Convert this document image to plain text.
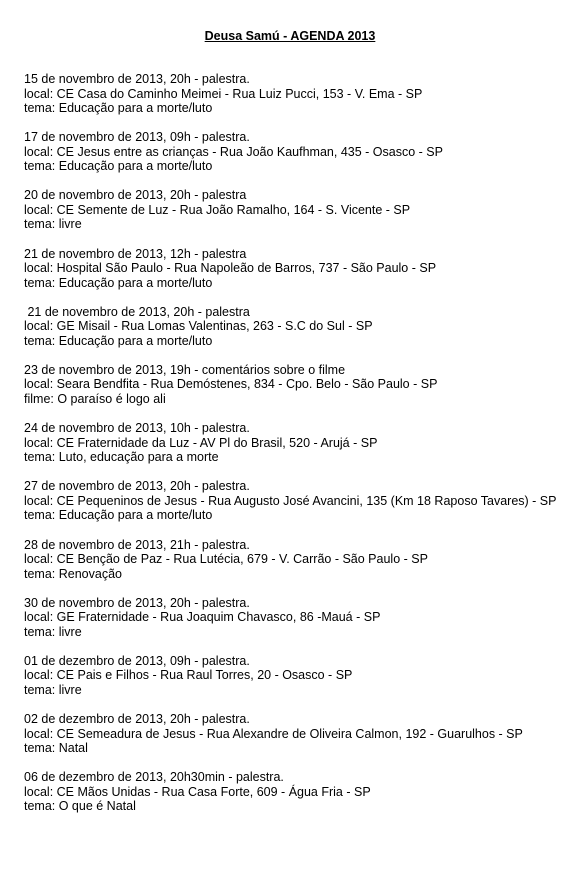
Deusa Samú - AGENDA 2013
15 de novembro de 2013, 20h - palestra.
local: CE Casa do Caminho Meimei - Rua Luiz Pucci, 153 - V. Ema - SP
tema: Educação para a morte/luto
17 de novembro de 2013, 09h - palestra.
local: CE Jesus entre as crianças - Rua João Kaufhman, 435 - Osasco - SP
tema: Educação para a morte/luto
20 de novembro de 2013, 20h - palestra
local: CE Semente de Luz - Rua João Ramalho, 164 - S. Vicente - SP
tema: livre
21 de novembro de 2013, 12h - palestra
local: Hospital São Paulo - Rua Napoleão de Barros, 737 - São Paulo - SP
tema: Educação para a morte/luto
21 de novembro de 2013, 20h - palestra
local: GE Misail - Rua Lomas Valentinas, 263 - S.C do Sul - SP
tema: Educação para a morte/luto
23 de novembro de 2013, 19h - comentários sobre o filme
local: Seara Bendfita - Rua Demóstenes, 834 - Cpo. Belo - São Paulo - SP
filme: O paraíso é logo ali
24 de novembro de 2013, 10h - palestra.
local: CE Fraternidade da Luz - AV Pl do Brasil, 520 - Arujá - SP
tema: Luto, educação para a morte
27 de novembro de 2013, 20h - palestra.
local: CE Pequeninos de Jesus - Rua Augusto José Avancini, 135 (Km 18 Raposo Tavares) - SP
tema: Educação para a morte/luto
28 de novembro de 2013, 21h - palestra.
local: CE Benção de Paz - Rua Lutécia, 679 - V. Carrão - São Paulo - SP
tema: Renovação
30 de novembro de 2013, 20h - palestra.
local: GE Fraternidade - Rua Joaquim Chavasco, 86 -Mauá - SP
tema: livre
01 de dezembro de 2013, 09h - palestra.
local: CE Pais e Filhos - Rua Raul Torres, 20 - Osasco - SP
tema: livre
02 de dezembro de 2013, 20h - palestra.
local: CE Semeadura de Jesus - Rua Alexandre de Oliveira Calmon, 192 - Guarulhos - SP
tema: Natal
06 de dezembro de 2013, 20h30min - palestra.
local: CE Mãos Unidas - Rua Casa Forte, 609 - Água Fria - SP
tema: O que é Natal
